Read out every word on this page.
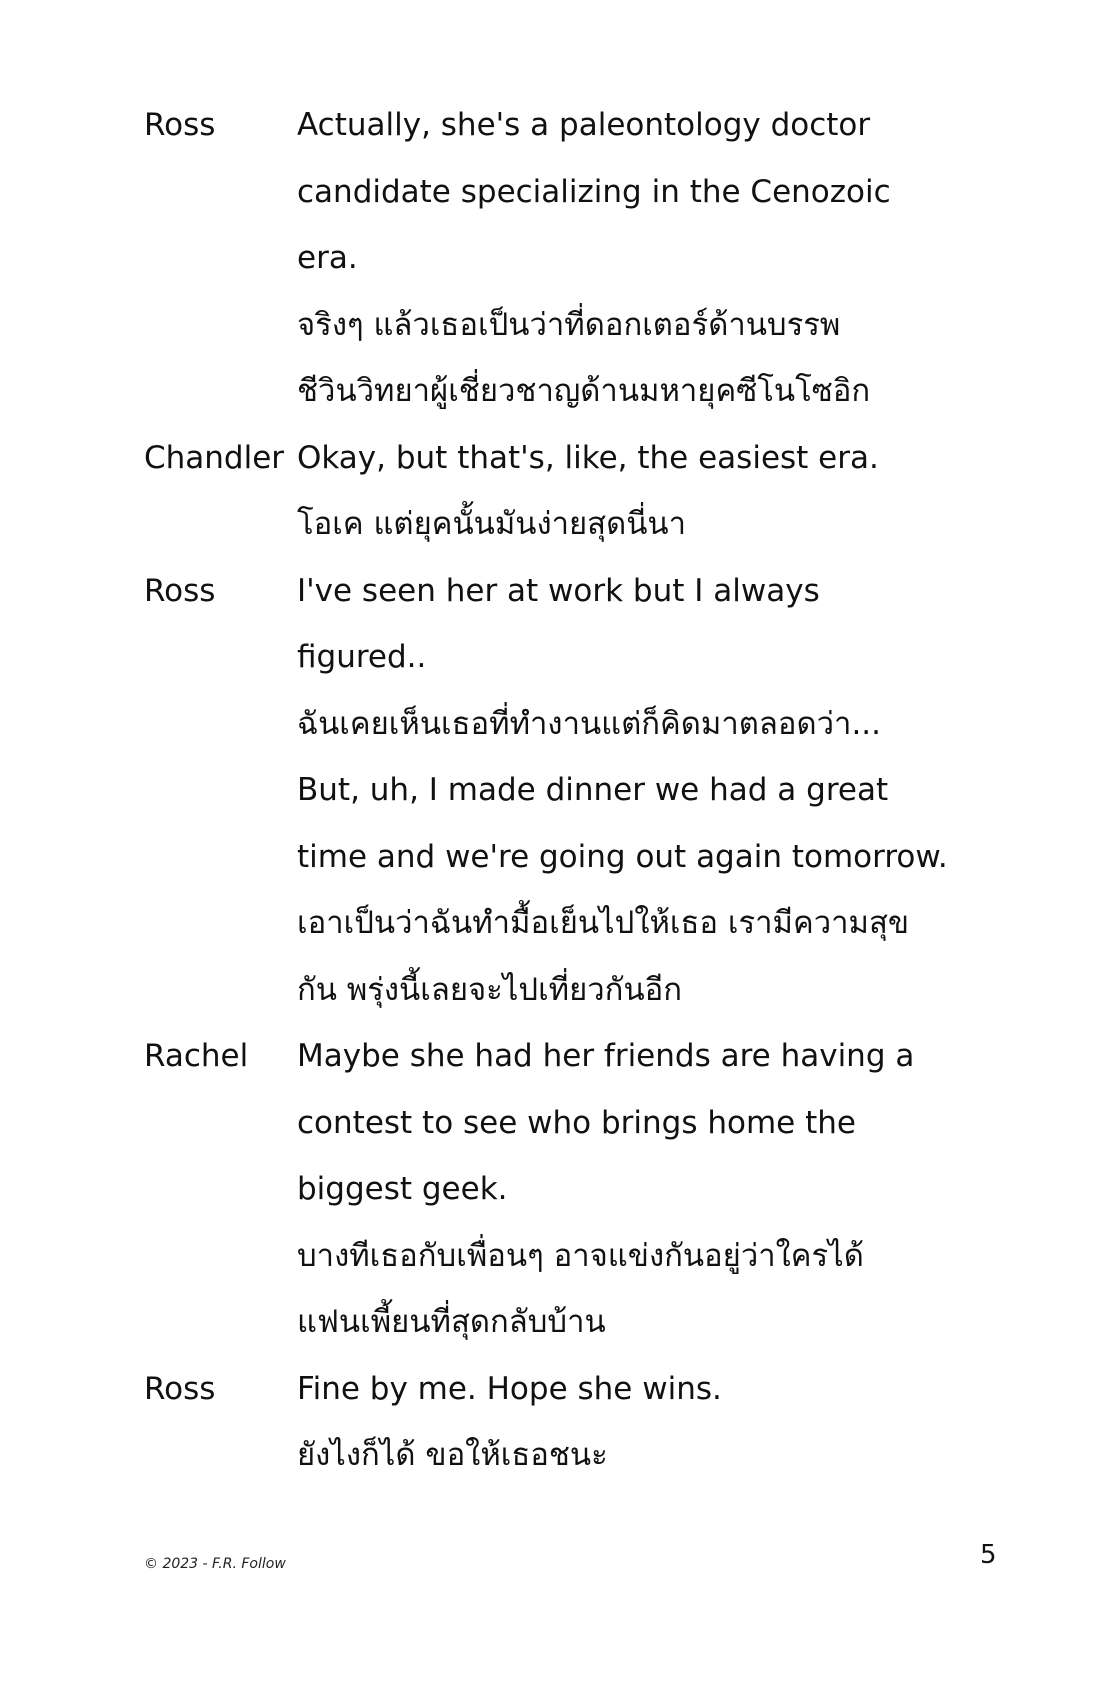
Ross	Actually, she's a paleontology doctor
candidate specializing in the Cenozoic
era.
จริงๆ แล้วเธอเป็นว่าที่ดอกเตอร์ด้านบรรพ
ชีวินวิทยาผู้เชี่ยวชาญด้านมหายุคซีโนโซอิก
Chandler Okay, but that's, like, the easiest era.
โอเค แต่ยุคนั้นมันง่ายสุดนี่นา
Ross	I've seen her at work but I always
figured..
ฉันเคยเห็นเธอที่ทำงานแต่ก็คิดมาตลอดว่า...
But, uh, I made dinner we had a great
time and we're going out again tomorrow.
เอาเป็นว่าฉันทำมื้อเย็นไปให้เธอ เรามีความสุข
กัน พรุ่งนี้เลยจะไปเที่ยวกันอีก
Rachel	Maybe she had her friends are having a
contest to see who brings home the
biggest geek.
บางทีเธอกับเพื่อนๆ อาจแข่งกันอยู่ว่าใครได้
แฟนเพี้ยนที่สุดกลับบ้าน
Ross	Fine by me. Hope she wins.
ยังไงก็ได้ ขอให้เธอชนะ
© 2023 - F.R. Follow	5
